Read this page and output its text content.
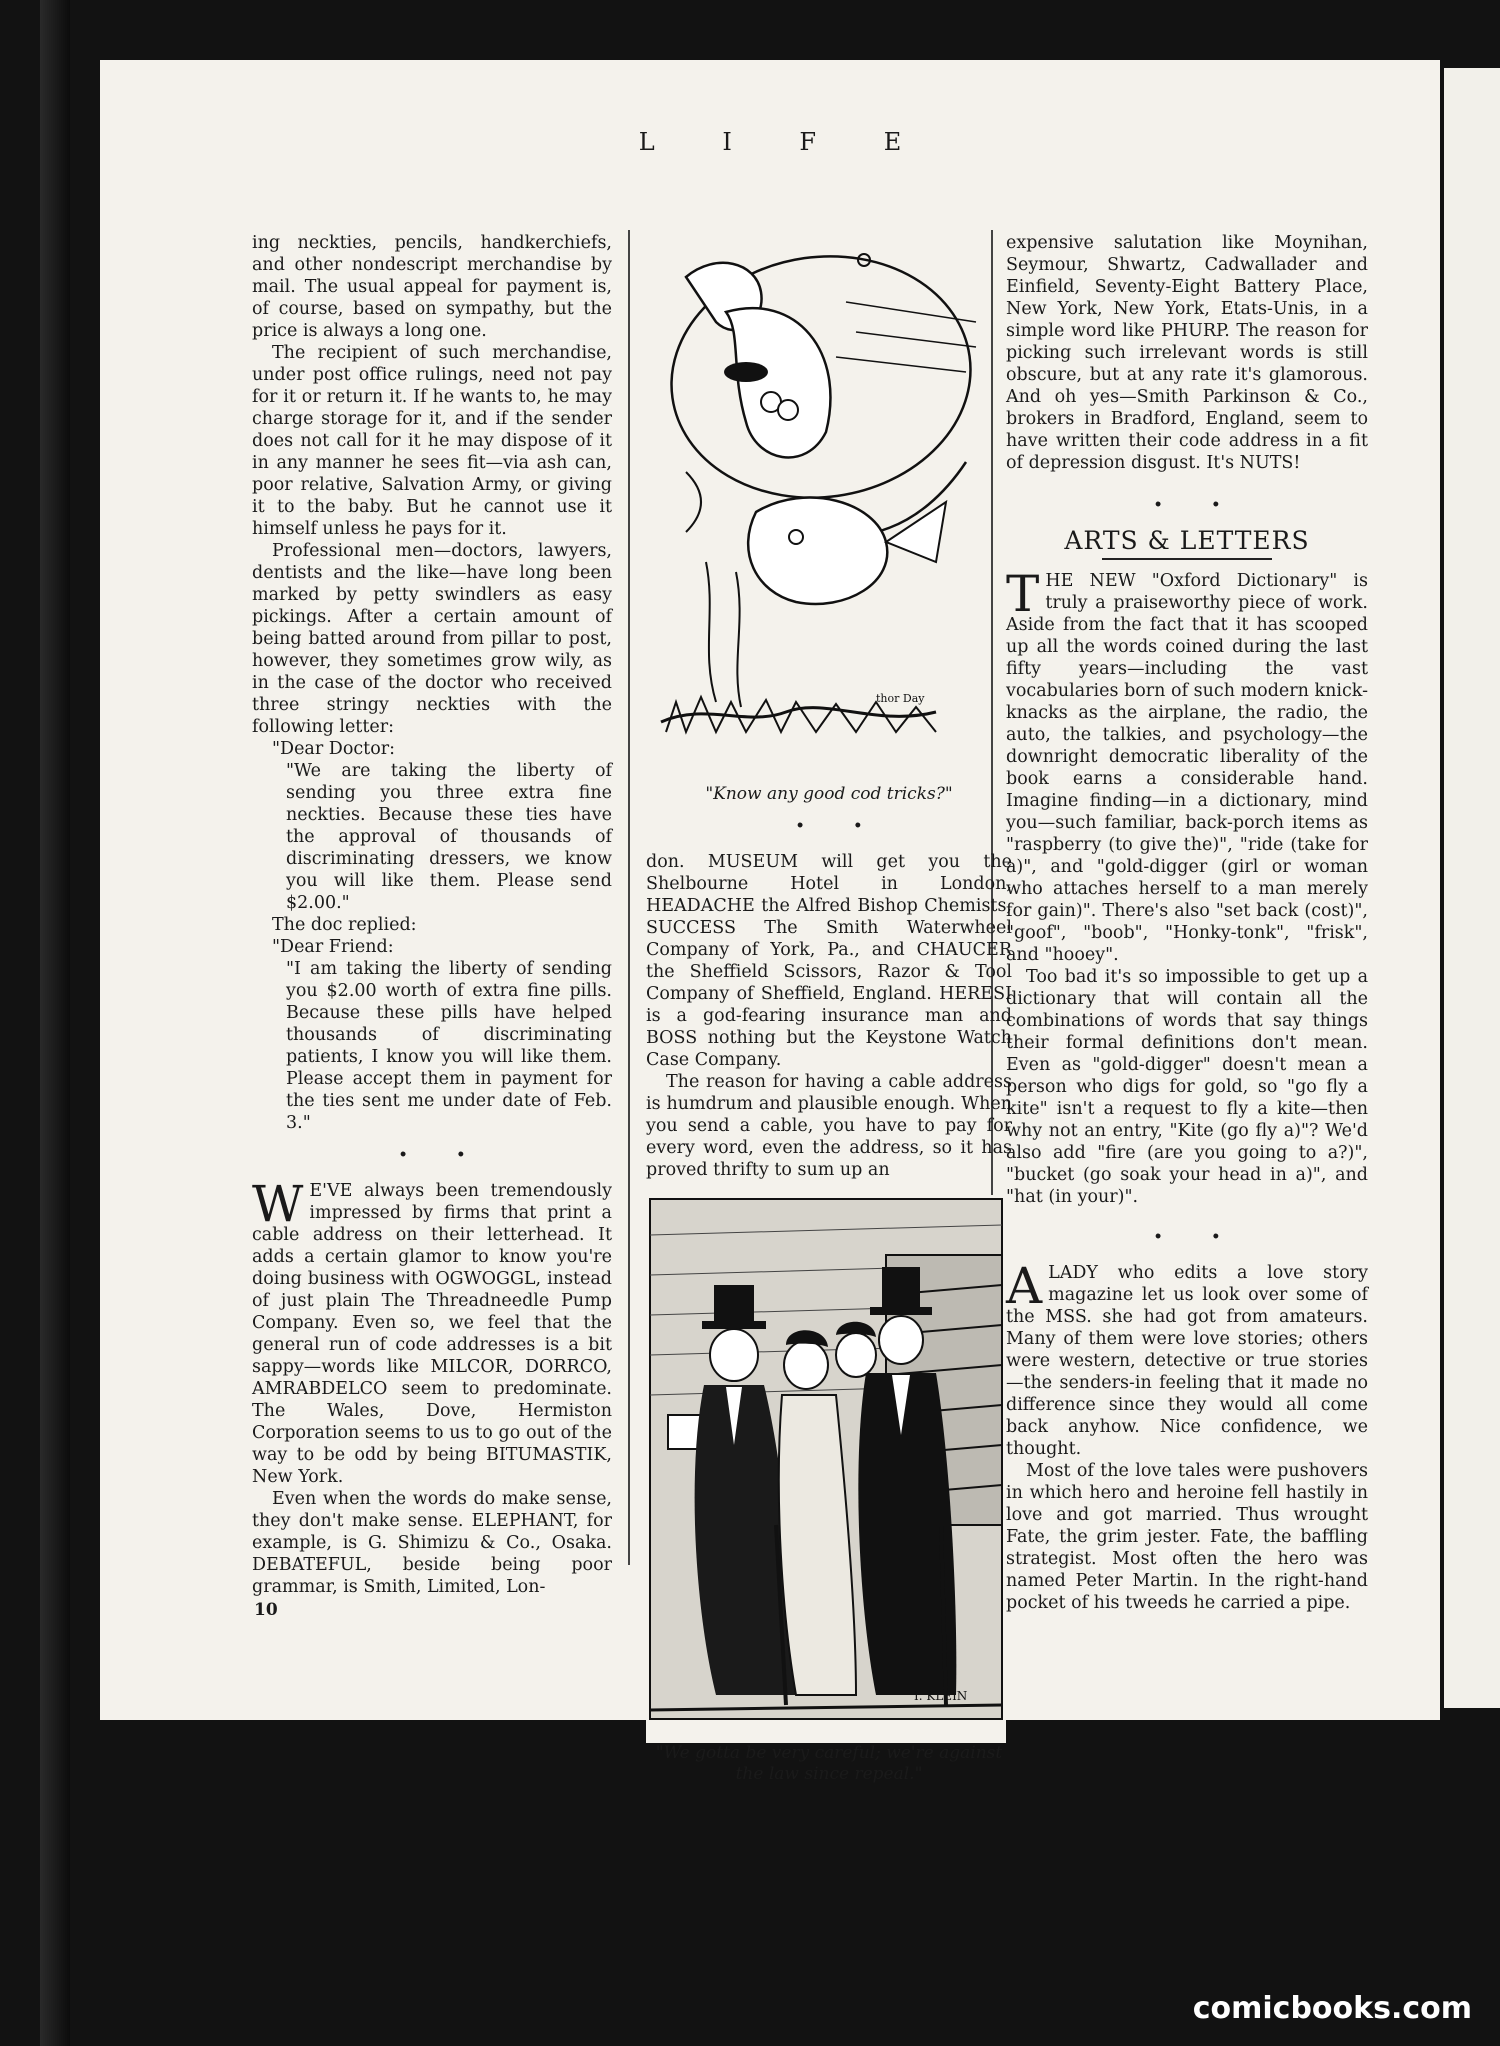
L I F E

ing neckties, pencils, handkerchiefs, and other nondescript merchandise by mail. The usual appeal for payment is, of course, based on sympathy, but the price is always a long one.

The recipient of such merchandise, under post office rulings, need not pay for it or return it. If he wants to, he may charge storage for it, and if the sender does not call for it he may dispose of it in any manner he sees fit—via ash can, poor relative, Salvation Army, or giving it to the baby. But he cannot use it himself unless he pays for it.

Professional men—doctors, lawyers, dentists and the like—have long been marked by petty swindlers as easy pickings. After a certain amount of being batted around from pillar to post, however, they sometimes grow wily, as in the case of the doctor who received three stringy neckties with the following letter:

"Dear Doctor:

"We are taking the liberty of sending you three extra fine neckties. Because these ties have the approval of thousands of discriminating dressers, we know you will like them. Please send $2.00."

The doc replied:

"Dear Friend:

"I am taking the liberty of sending you $2.00 worth of extra fine pills. Because these pills have helped thousands of discriminating patients, I know you will like them. Please accept them in payment for the ties sent me under date of Feb. 3."

• •

W E'VE always been tremendously impressed by firms that print a cable address on their letterhead. It adds a certain glamor to know you're doing business with OGWOGGL, instead of just plain The Threadneedle Pump Company. Even so, we feel that the general run of code addresses is a bit sappy—words like MILCOR, DORRCO, AMRABDELCO seem to predominate. The Wales, Dove, Hermiston Corporation seems to us to go out of the way to be odd by being BITUMASTIK, New York.

Even when the words do make sense, they don't make sense. ELEPHANT, for example, is G. Shimizu & Co., Osaka. DEBATEFUL, beside being poor grammar, is Smith, Limited, Lon-

thor Day
"Know any good cod tricks?"
• •

don. MUSEUM will get you the Shelbourne Hotel in London, HEADACHE the Alfred Bishop Chemists, SUCCESS The Smith Waterwheel Company of York, Pa., and CHAUCER the Sheffield Scissors, Razor & Tool Company of Sheffield, England. HERESI is a god-fearing insurance man and BOSS nothing but the Keystone Watch Case Company.

The reason for having a cable address is humdrum and plausible enough. When you send a cable, you have to pay for every word, even the address, so it has proved thrifty to sum up an

I. KLEIN
"We gotta be very careful; we're against the law since repeal."

expensive salutation like Moynihan, Seymour, Shwartz, Cadwallader and Einfield, Seventy-Eight Battery Place, New York, New York, Etats-Unis, in a simple word like PHURP. The reason for picking such irrelevant words is still obscure, but at any rate it's glamorous. And oh yes—Smith Parkinson & Co., brokers in Bradford, England, seem to have written their code address in a fit of depression disgust. It's NUTS!

• •
ARTS & LETTERS

THE NEW "Oxford Dictionary" is truly a praiseworthy piece of work. Aside from the fact that it has scooped up all the words coined during the last fifty years—including the vast vocabularies born of such modern knick-knacks as the airplane, the radio, the auto, the talkies, and psychology—the downright democratic liberality of the book earns a considerable hand. Imagine finding—in a dictionary, mind you—such familiar, back-porch items as "raspberry (to give the)", "ride (take for a)", and "gold-digger (girl or woman who attaches herself to a man merely for gain)". There's also "set back (cost)", "goof", "boob", "Honky-tonk", "frisk", and "hooey".

Too bad it's so impossible to get up a dictionary that will contain all the combinations of words that say things their formal definitions don't mean. Even as "gold-digger" doesn't mean a person who digs for gold, so "go fly a kite" isn't a request to fly a kite—then why not an entry, "Kite (go fly a)"? We'd also add "fire (are you going to a?)", "bucket (go soak your head in a)", and "hat (in your)".

• •

ALADY who edits a love story magazine let us look over some of the MSS. she had got from amateurs. Many of them were love stories; others were western, detective or true stories—the senders-in feeling that it made no difference since they would all come back anyhow. Nice confidence, we thought.

Most of the love tales were pushovers in which hero and heroine fell hastily in love and got married. Thus wrought Fate, the grim jester. Fate, the baffling strategist. Most often the hero was named Peter Martin. In the right-hand pocket of his tweeds he carried a pipe.

10
comicbooks.com
